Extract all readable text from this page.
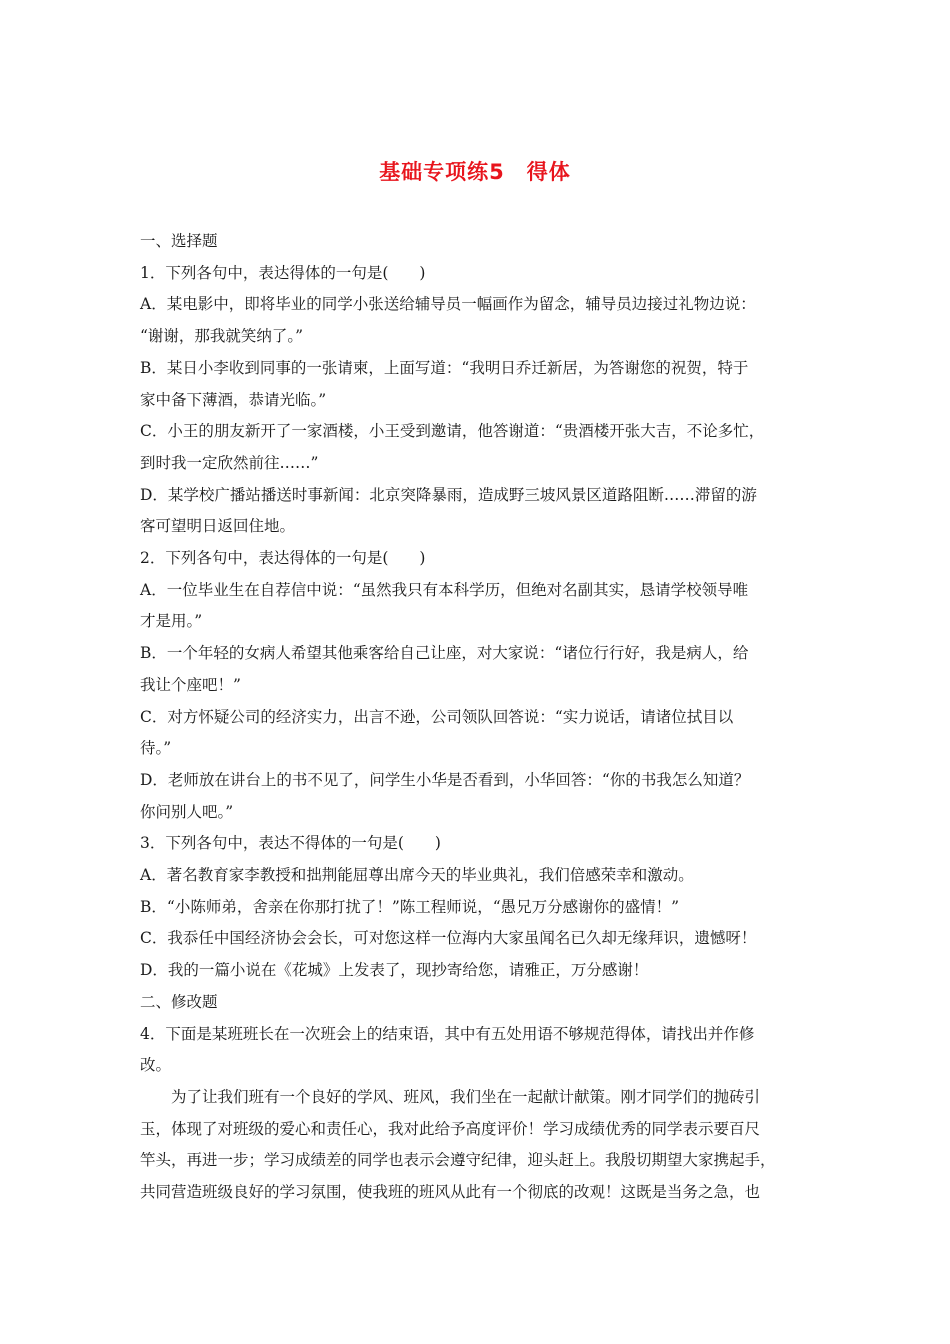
基础专项练5　得体
一、选择题
1．下列各句中，表达得体的一句是(　　)
A．某电影中，即将毕业的同学小张送给辅导员一幅画作为留念，辅导员边接过礼物边说：
“谢谢，那我就笑纳了。”
B．某日小李收到同事的一张请柬，上面写道：“我明日乔迁新居，为答谢您的祝贺，特于
家中备下薄酒，恭请光临。”
C．小王的朋友新开了一家酒楼，小王受到邀请，他答谢道：“贵酒楼开张大吉，不论多忙，
到时我一定欣然前往……”
D．某学校广播站播送时事新闻：北京突降暴雨，造成野三坡风景区道路阻断……滞留的游
客可望明日返回住地。
2．下列各句中，表达得体的一句是(　　)
A．一位毕业生在自荐信中说：“虽然我只有本科学历，但绝对名副其实，恳请学校领导唯
才是用。”
B．一个年轻的女病人希望其他乘客给自己让座，对大家说：“诸位行行好，我是病人，给
我让个座吧！”
C．对方怀疑公司的经济实力，出言不逊，公司领队回答说：“实力说话，请诸位拭目以
待。”
D．老师放在讲台上的书不见了，问学生小华是否看到，小华回答：“你的书我怎么知道？
你问别人吧。”
3．下列各句中，表达不得体的一句是(　　)
A．著名教育家李教授和拙荆能屈尊出席今天的毕业典礼，我们倍感荣幸和激动。
B．“小陈师弟，舍亲在你那打扰了！”陈工程师说，“愚兄万分感谢你的盛情！”
C．我忝任中国经济协会会长，可对您这样一位海内大家虽闻名已久却无缘拜识，遗憾呀！
D．我的一篇小说在《花城》上发表了，现抄寄给您，请雅正，万分感谢！
二、修改题
4．下面是某班班长在一次班会上的结束语，其中有五处用语不够规范得体，请找出并作修
改。
为了让我们班有一个良好的学风、班风，我们坐在一起献计献策。刚才同学们的抛砖引
玉，体现了对班级的爱心和责任心，我对此给予高度评价！学习成绩优秀的同学表示要百尺
竿头，再进一步；学习成绩差的同学也表示会遵守纪律，迎头赶上。我殷切期望大家携起手，
共同营造班级良好的学习氛围，使我班的班风从此有一个彻底的改观！这既是当务之急，也
